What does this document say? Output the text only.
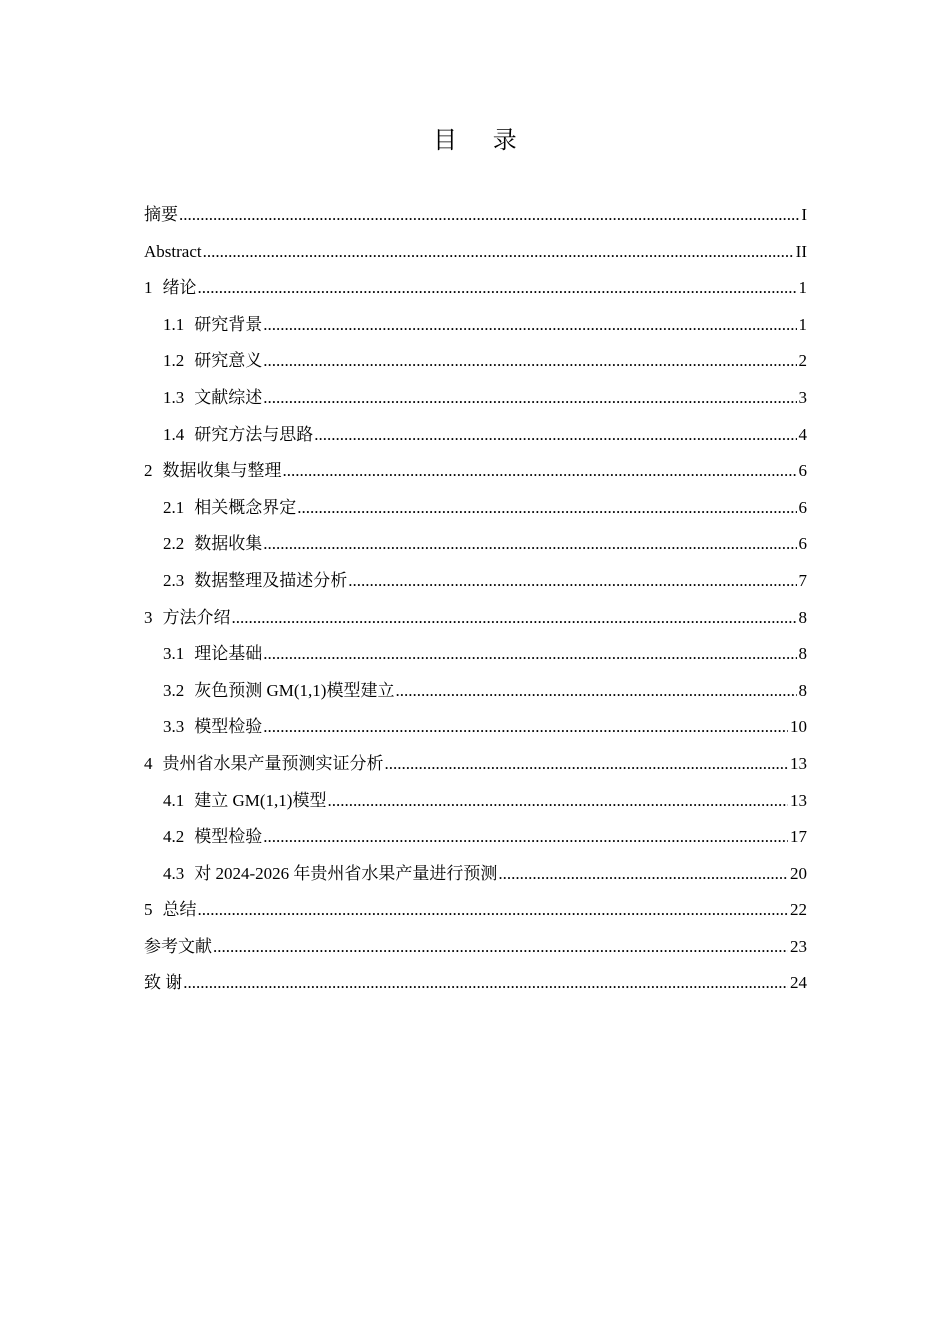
目 录
摘要 .....	I
Abstract .....	II
1 绪论 .....	1
1.1 研究背景 .....	1
1.2 研究意义 .....	2
1.3 文献综述 .....	3
1.4 研究方法与思路 .....	4
2 数据收集与整理 .....	6
2.1 相关概念界定 .....	6
2.2 数据收集 .....	6
2.3 数据整理及描述分析 .....	7
3 方法介绍 .....	8
3.1 理论基础 .....	8
3.2 灰色预测 GM(1,1)模型建立 .....	8
3.3 模型检验 .....	10
4 贵州省水果产量预测实证分析 .....	13
4.1 建立 GM(1,1)模型 .....	13
4.2 模型检验 .....	17
4.3 对 2024-2026 年贵州省水果产量进行预测 .....	20
5 总结 .....	22
参考文献 .....	23
致 谢 .....	24
